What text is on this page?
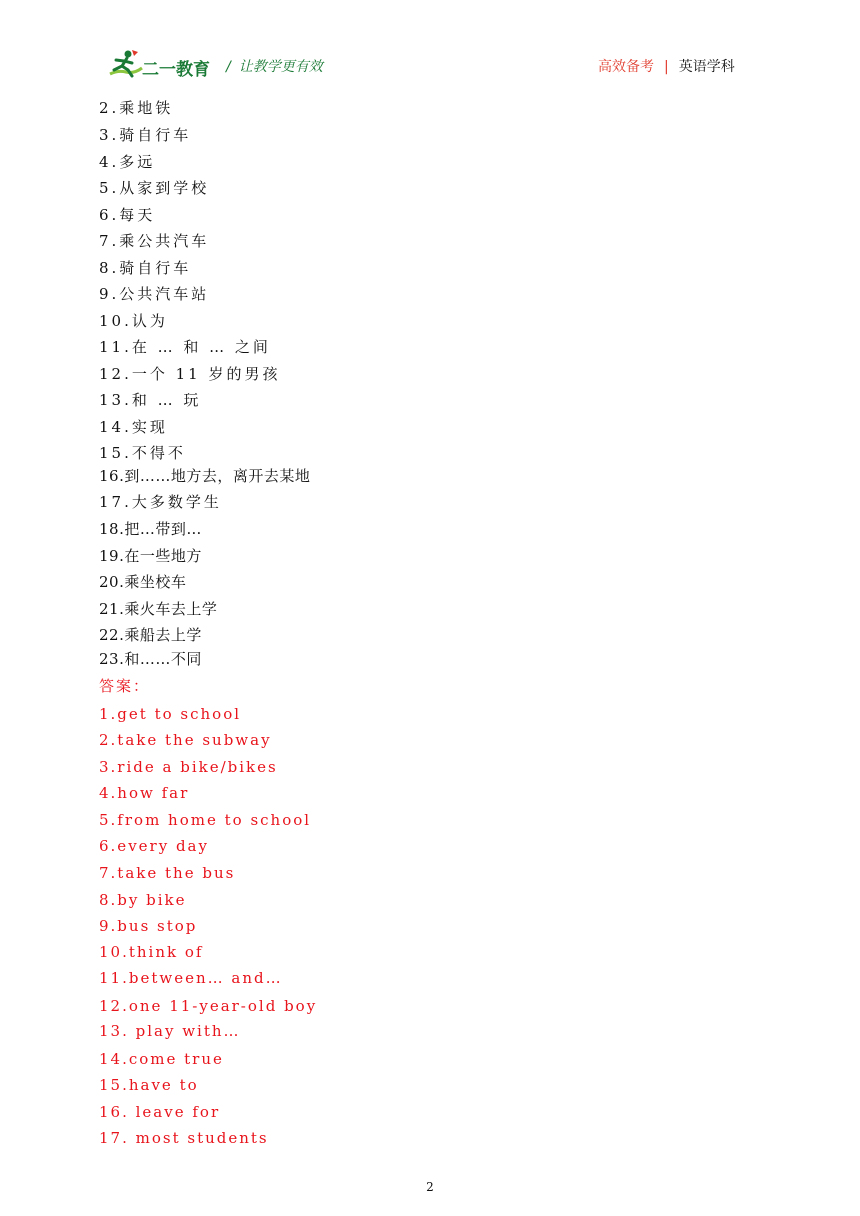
二一教育 / 让教学更有效	高效备考 | 英语学科
2.乘地铁
3.骑自行车
4.多远
5.从家到学校
6.每天
7.乘公共汽车
8.骑自行车
9.公共汽车站
10.认为
11.在 … 和 … 之间
12.一个 11 岁的男孩
13.和 … 玩
14.实现
15.不得不
16.到……地方去，离开去某地
17.大多数学生
18.把…带到…
19.在一些地方
20.乘坐校车
21.乘火车去上学
22.乘船去上学
23.和……不同
答案：
1.get to school
2.take the subway
3.ride a bike/bikes
4.how far
5.from home to school
6.every day
7.take the bus
8.by bike
9.bus stop
10.think of
11.between… and…
12.one 11-year-old boy
13. play with…
14.come true
15.have to
16. leave for
17. most students
2
